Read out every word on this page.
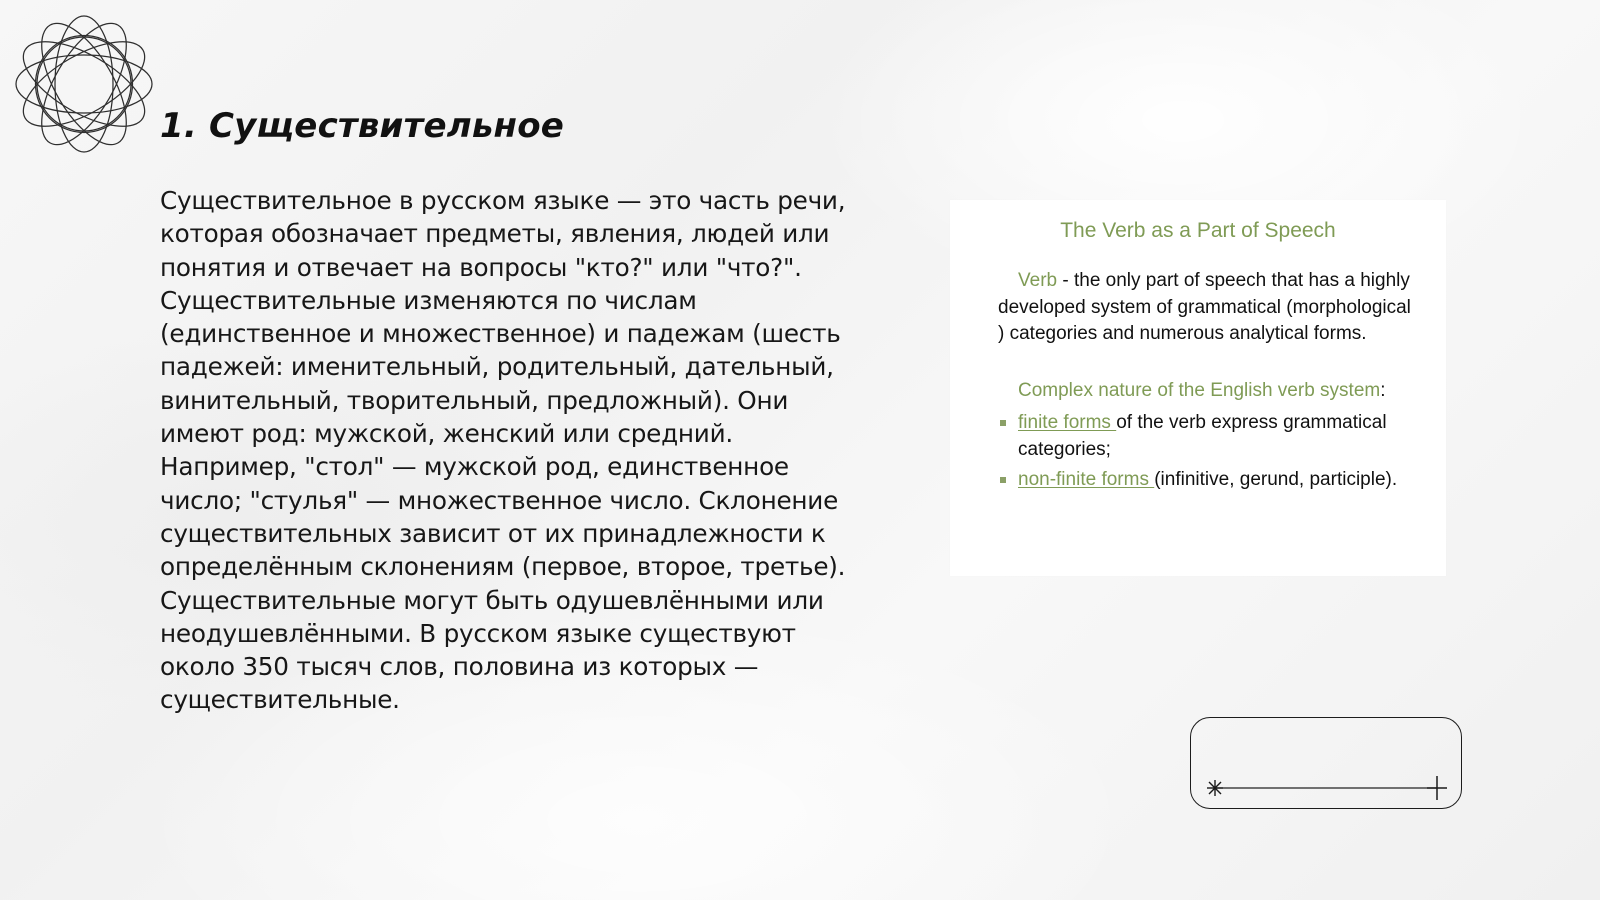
1. Существительное

Существительное в русском языке — это часть речи, которая обозначает предметы, явления, людей или понятия и отвечает на вопросы "кто?" или "что?". Существительные изменяются по числам (единственное и множественное) и падежам (шесть падежей: именительный, родительный, дательный, винительный, творительный, предложный). Они имеют род: мужской, женский или средний. Например, "стол" — мужской род, единственное число; "стулья" — множественное число. Склонение существительных зависит от их принадлежности к определённым склонениям (первое, второе, третье). Существительные могут быть одушевлёнными или неодушевлёнными. В русском языке существуют около 350 тысяч слов, половина из которых — существительные.

The Verb as a Part of Speech

Verb - the only part of speech that has a highly developed system of grammatical (morphological ) categories and numerous analytical forms.

Complex nature of the English verb system:

finite forms of the verb express grammatical categories;
non-finite forms (infinitive, gerund, participle).
